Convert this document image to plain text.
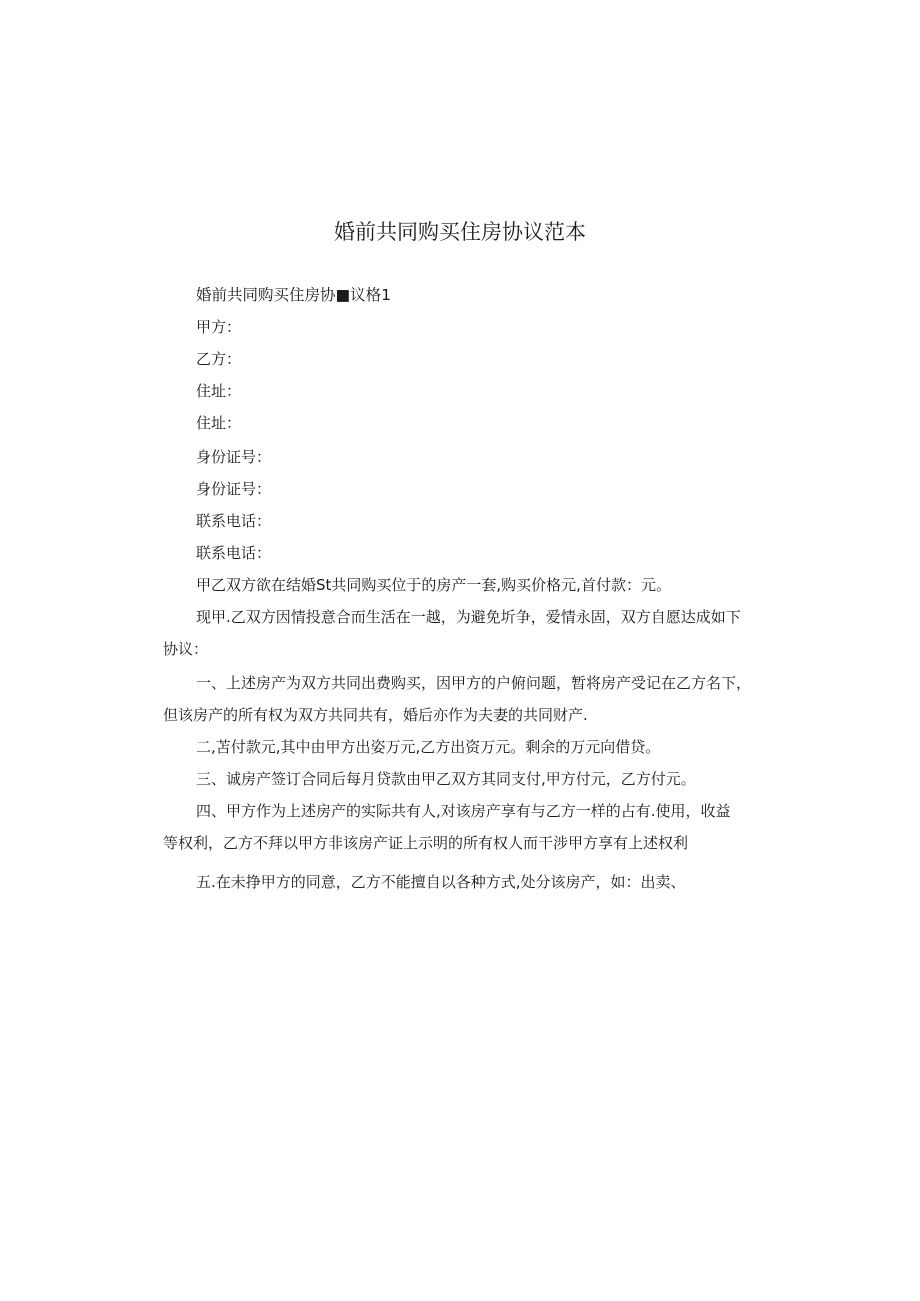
婚前共同购买住房协议范本

婚前共同购买住房协■议格1

甲方：

乙方：

住址：

住址：

身份证号：

身份证号：

联系电话：

联系电话：

甲乙双方欲在结婚St共同购买位于的房产一套,购买价格元,首付款：元。

现甲.乙双方因情投意合而生活在一越，为避免圻争，爱情永固，双方自愿达成如下

协议：

一、上述房产为双方共同出费购买，因甲方的户俯问题，暂将房产受记在乙方名下，

但该房产的所有权为双方共同共有，婚后亦作为夫妻的共同财产.

二,苫付款元,其中由甲方出姿万元,乙方出资万元。剩余的万元向借贷。

三、诚房产签订合同后每月贷款由甲乙双方其同支付,甲方付元，乙方付元。

四、甲方作为上述房产的实际共有人,对该房产享有与乙方一样的占有.使用，收益

等权利，乙方不拜以甲方非该房产证上示明的所有权人而干涉甲方享有上述权利

五.在未挣甲方的同意，乙方不能擅自以各种方式,处分该房产，如：出卖、
